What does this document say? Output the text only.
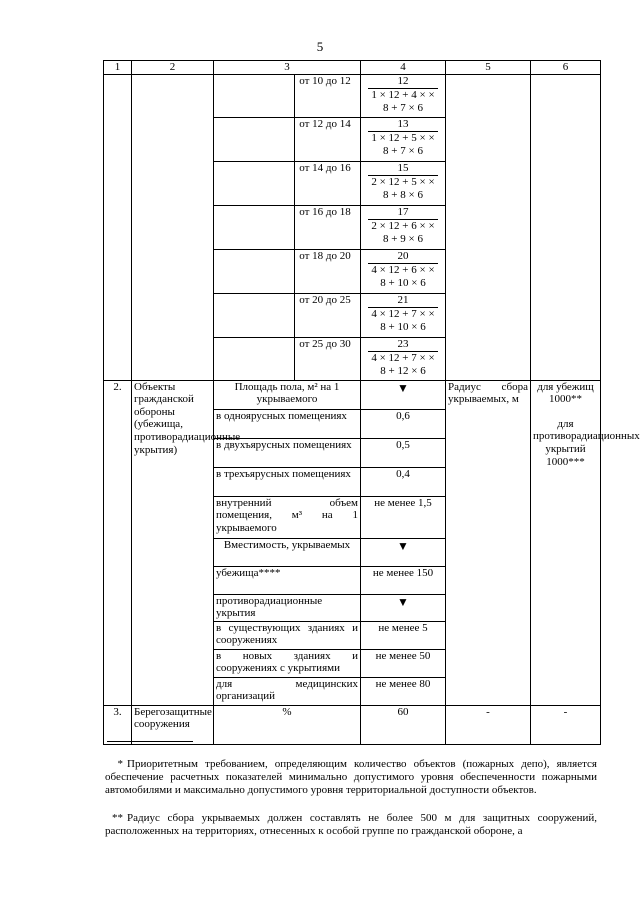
5
1	2	3	4	5	6

		от 10 до 12	12
1 × 12 + 4 × × 8 + 7 × 6		

		от 12 до 14	13
1 × 12 + 5 × × 8 + 7 × 6		

		от 14 до 16	15
2 × 12 + 5 × × 8 + 8 × 6		

		от 16 до 18	17
2 × 12 + 6 × × 8 + 9 × 6		

		от 18 до 20	20
4 × 12 + 6 × × 8 + 10 × 6		

		от 20 до 25	21
4 × 12 + 7 × × 8 + 10 × 6		

		от 25 до 30	23
4 × 12 + 7 × × 8 + 12 × 6		

2.	Объекты гражданской обороны (убежища, противорадиационные укрытия)	Площадь пола, м² на 1 укрываемого	▼	Радиус сбора укрываемых, м	для убежищ 1000**
для противорадиационных укрытий 1000***

		в одноярусных помещениях	0,6		
		в двухъярусных помещениях	0,5		
		в трехъярусных помещениях	0,4		
		внутренний объем помещения, м³ на 1 укрываемого	не менее 1,5		
		Вместимость, укрываемых	▼		
		убежища****	не менее 150		
		противорадиационные укрытия	▼		
		в существующих зданиях и сооружениях	не менее 5		
		в новых зданиях и сооружениях с укрытиями	не менее 50		
		для медицинских организаций	не менее 80		

3.	Берегозащитные сооружения	%	60	-	-
* Приоритетным требованием, определяющим количество объектов (пожарных депо), является обеспечение расчетных показателей минимально допустимого уровня обеспеченности пожарными автомобилями и максимально допустимого уровня территориальной доступности объектов.
** Радиус сбора укрываемых должен составлять не более 500 м для защитных сооружений, расположенных на территориях, отнесенных к особой группе по гражданской обороне, а
